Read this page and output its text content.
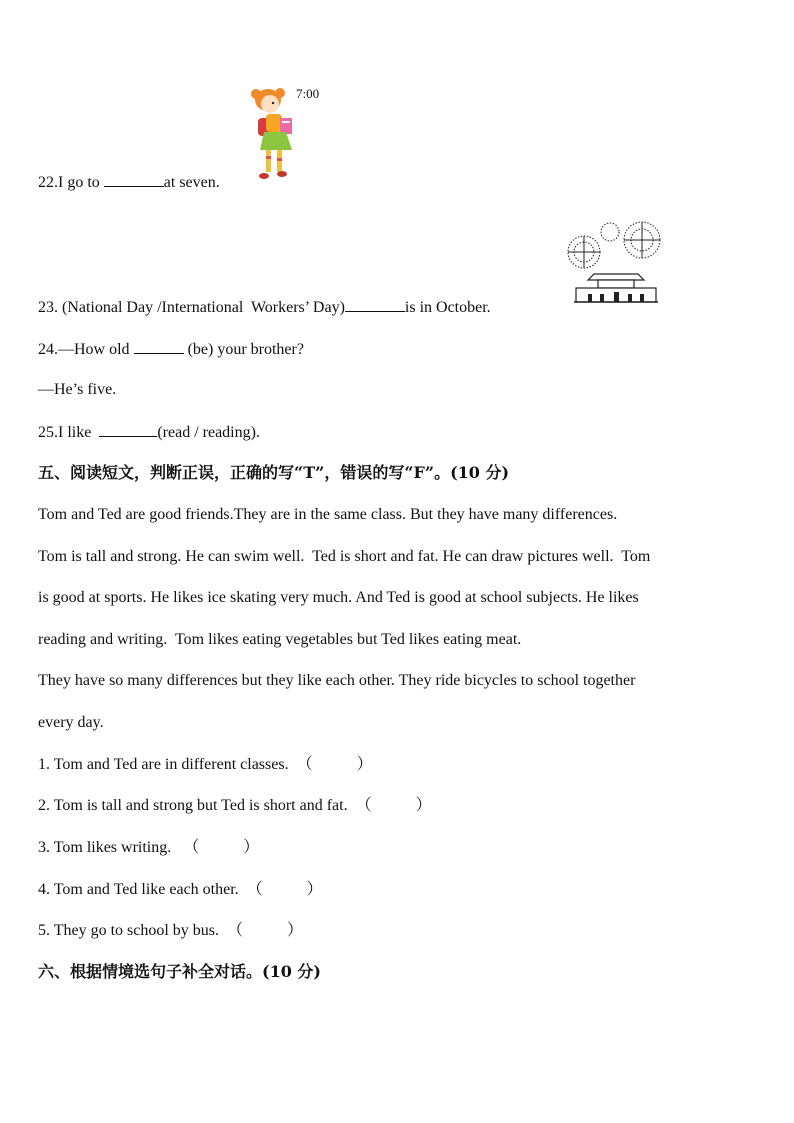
7:00
22.I go to	at seven.
23. (National Day /International  Workers’ Day)	is in October.
24.—How old	(be) your brother?
—He’s five.
25.I like	(read / reading).
五、阅读短文，判断正误，正确的写“T”，错误的写“F”。(10 分)
Tom and Ted are good friends.They are in the same class. But they have many differences.
Tom is tall and strong. He can swim well.  Ted is short and fat. He can draw pictures well.  Tom
is good at sports. He likes ice skating very much. And Ted is good at school subjects. He likes
reading and writing.  Tom likes eating vegetables but Ted likes eating meat.
They have so many differences but they like each other. They ride bicycles to school together
every day.
1. Tom and Ted are in different classes.  （           ）
2. Tom is tall and strong but Ted is short and fat.  （           ）
3. Tom likes writing.   （           ）
4. Tom and Ted like each other.  （           ）
5. They go to school by bus.  （           ）
六、根据情境选句子补全对话。(10 分)
